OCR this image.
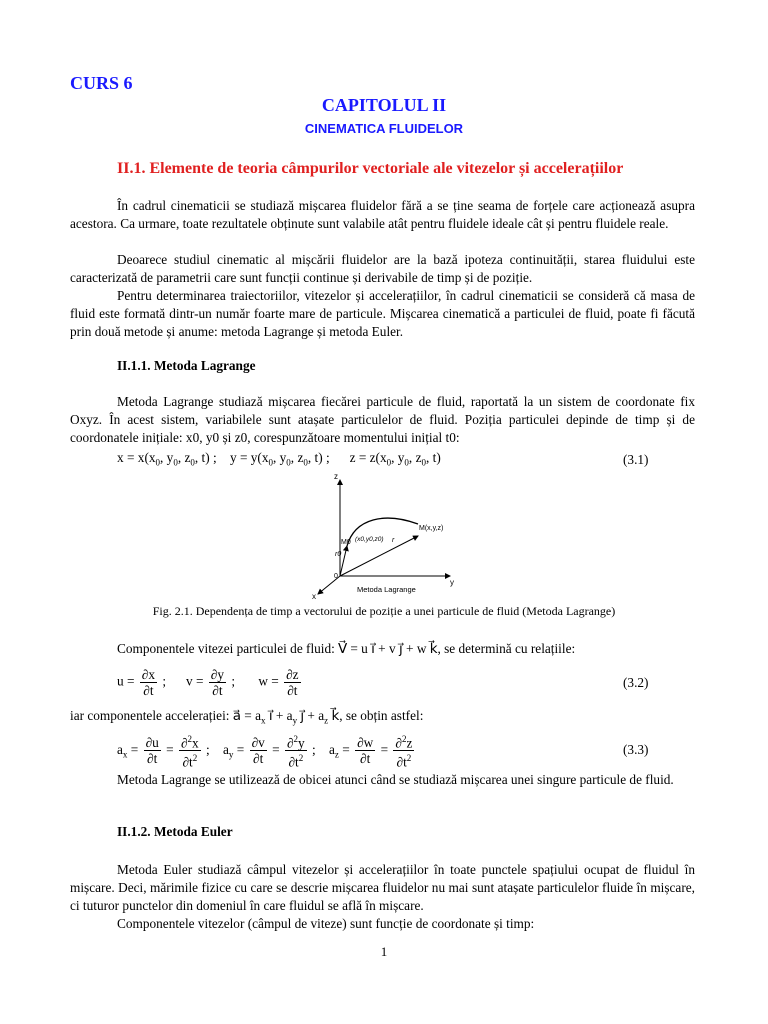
CURS 6
CAPITOLUL II
CINEMATICA FLUIDELOR
II.1. Elemente de teoria câmpurilor vectoriale ale vitezelor și accelerațiilor
În cadrul cinematicii se studiază mișcarea fluidelor fără a se ține seama de forțele care acționează asupra acestora. Ca urmare, toate rezultatele obținute sunt valabile atât pentru fluidele ideale cât și pentru fluidele reale.
Deoarece studiul cinematic al mișcării fluidelor are la bază ipoteza continuității, starea fluidului este caracterizată de parametrii care sunt funcții continue și derivabile de timp și de poziție.
Pentru determinarea traiectoriilor, vitezelor și accelerațiilor, în cadrul cinematicii se consideră că masa de fluid este formată dintr-un număr foarte mare de particule. Mișcarea cinematică a particulei de fluid, poate fi făcută prin două metode și anume: metoda Lagrange și metoda Euler.
II.1.1. Metoda Lagrange
Metoda Lagrange studiază mișcarea fiecărei particule de fluid, raportată la un sistem de coordonate fix Oxyz. În acest sistem, variabilele sunt atașate particulelor de fluid. Poziția particulei depinde de timp și de coordonatele inițiale: x0, y0 și z0, corespunzătoare momentului inițial t0:
$x = x(x_0$, $y_0$, $z_0$, t) ;    $y = y(x_0$, $y_0$, $z_0$, t) ;      $z = z(x_0$, $y_0$, $z_0$, t)	(3.1)
z
y
x
0
r0
r
M0 (x0,y0,z0)
M(x,y,z)
Metoda Lagrange
Fig. 2.1. Dependența de timp a vectorului de poziție a unei particule de fluid (Metoda Lagrange)
Componentele vitezei particulei de fluid: V⃗ = u i⃗ + v j⃗ + w k⃗, se determină cu relațiile:
$u = \frac{\partial x}{\partial t}$ ;      $v = \frac{\partial y}{\partial t}$ ;       $w = \frac{\partial z}{\partial t}$	(3.2)
iar componentele accelerației: a⃗ = $a_x$ i⃗ + $a_y$ j⃗ + $a_z$ k⃗, se obțin astfel:
$a_x = \frac{\partial u}{\partial t} = \frac{\partial^2x}{\partial t^2}$ ;    $a_y = \frac{\partial v}{\partial t} = \frac{\partial^2y}{\partial t^2}$ ;    $a_z = \frac{\partial w}{\partial t} = \frac{\partial^2z}{\partial t^2}$	(3.3)
Metoda Lagrange se utilizează de obicei atunci când se studiază mișcarea unei singure particule de fluid.
II.1.2. Metoda Euler
Metoda Euler studiază câmpul vitezelor și accelerațiilor în toate punctele spațiului ocupat de fluidul în mișcare. Deci, mărimile fizice cu care se descrie mișcarea fluidelor nu mai sunt atașate particulelor fluide în mișcare, ci tuturor punctelor din domeniul în care fluidul se află în mișcare.
Componentele vitezelor (câmpul de viteze) sunt funcție de coordonate și timp:
1
